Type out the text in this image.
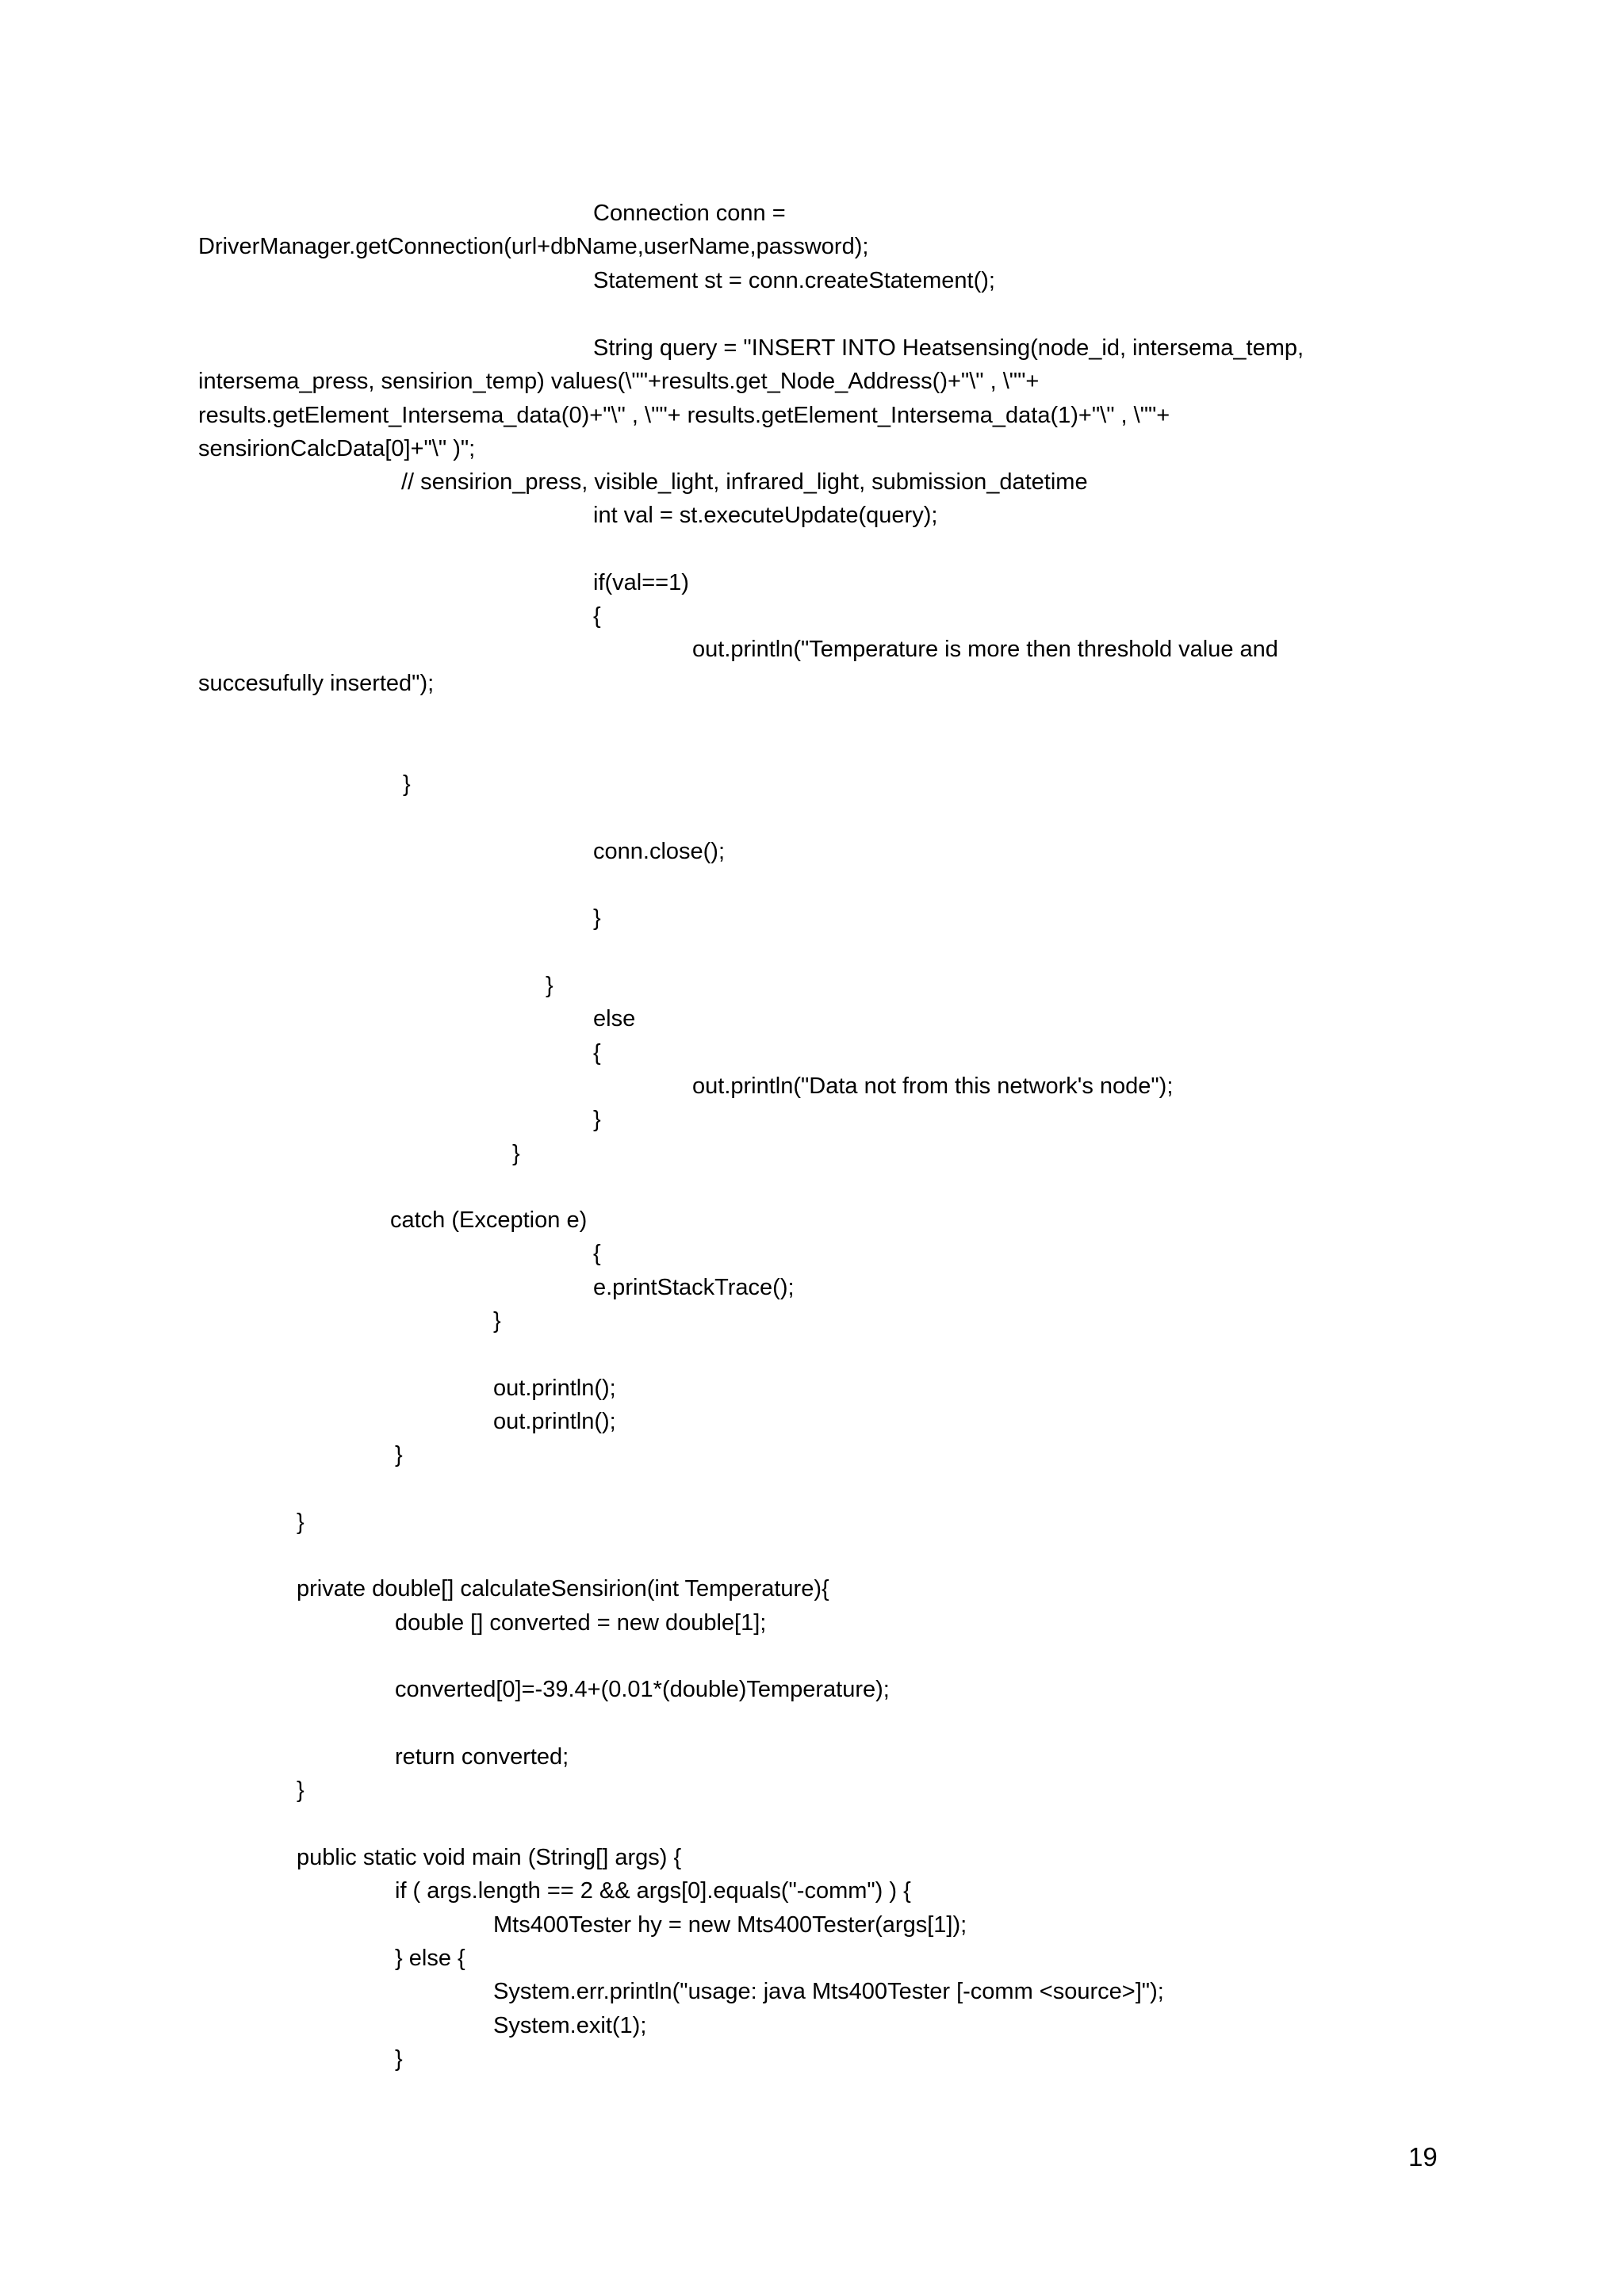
Connection conn =
DriverManager.getConnection(url+dbName,userName,password);
Statement st = conn.createStatement();
String query = "INSERT INTO Heatsensing(node_id, intersema_temp,
intersema_press, sensirion_temp) values(\""+results.get_Node_Address()+"\" , \""+
results.getElement_Intersema_data(0)+"\" , \""+ results.getElement_Intersema_data(1)+"\" , \""+
sensirionCalcData[0]+"\" )";
// sensirion_press, visible_light, infrared_light, submission_datetime
int val = st.executeUpdate(query);
if(val==1)
{
out.println("Temperature is more then threshold value and
succesufully inserted");
}
conn.close();
}
}
else
{
out.println("Data not from this network's node");
}
}
catch (Exception e)
{
e.printStackTrace();
}
out.println();
out.println();
}
}
private double[] calculateSensirion(int Temperature){
double [] converted = new double[1];
converted[0]=-39.4+(0.01*(double)Temperature);
return converted;
}
public static void main (String[] args) {
if ( args.length == 2 && args[0].equals("-comm") ) {
Mts400Tester hy = new Mts400Tester(args[1]);
} else {
System.err.println("usage: java Mts400Tester [-comm <source>]");
System.exit(1);
}
19
